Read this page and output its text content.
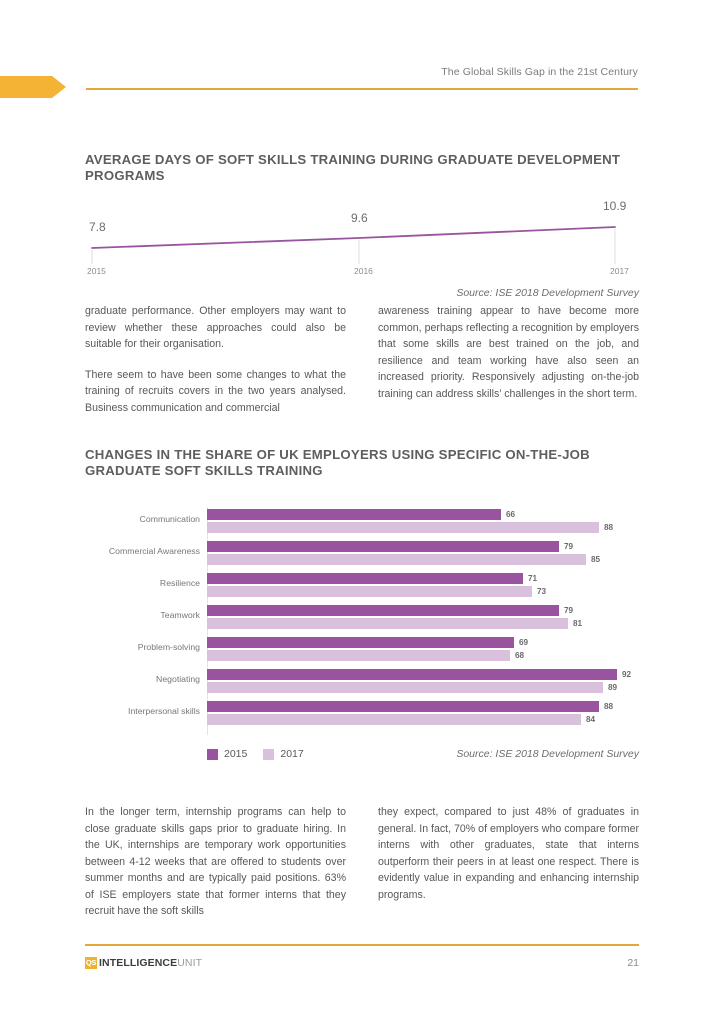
The Global Skills Gap in the 21st Century
AVERAGE DAYS OF SOFT SKILLS TRAINING DURING GRADUATE DEVELOPMENT PROGRAMS
7.8
9.6
10.9
2015	2016	2017
Source: ISE 2018 Development Survey

graduate performance. Other employers may want to review whether these approaches could also be suitable for their organisation.

There seem to have been some changes to what the training of recruits covers in the two years analysed. Business communication and commercial

awareness training appear to have become more common, perhaps reflecting a recognition by employers that some skills are best trained on the job, and resilience and team working have also seen an increased priority. Responsively adjusting on-the-job training can address skills’ challenges in the short term.

CHANGES IN THE SHARE OF UK EMPLOYERS USING SPECIFIC ON-THE-JOB GRADUATE SOFT SKILLS TRAINING
Communication	66
88
Commercial Awareness	79
85
Resilience	71
73
Teamwork	79
81
Problem-solving	69
68
Negotiating	92
89
Interpersonal skills	88
84
2015	2017	Source: ISE 2018 Development Survey

In the longer term, internship programs can help to close graduate skills gaps prior to graduate hiring. In the UK, internships are temporary work opportunities between 4-12 weeks that are offered to students over summer months and are typically paid positions. 63% of ISE employers state that former interns that they recruit have the soft skills

they expect, compared to just 48% of graduates in general. In fact, 70% of employers who compare former interns with other graduates, state that interns outperform their peers in at least one respect. There is evidently value in expanding and enhancing internship programs.

QS INTELLIGENCE UNIT	21
